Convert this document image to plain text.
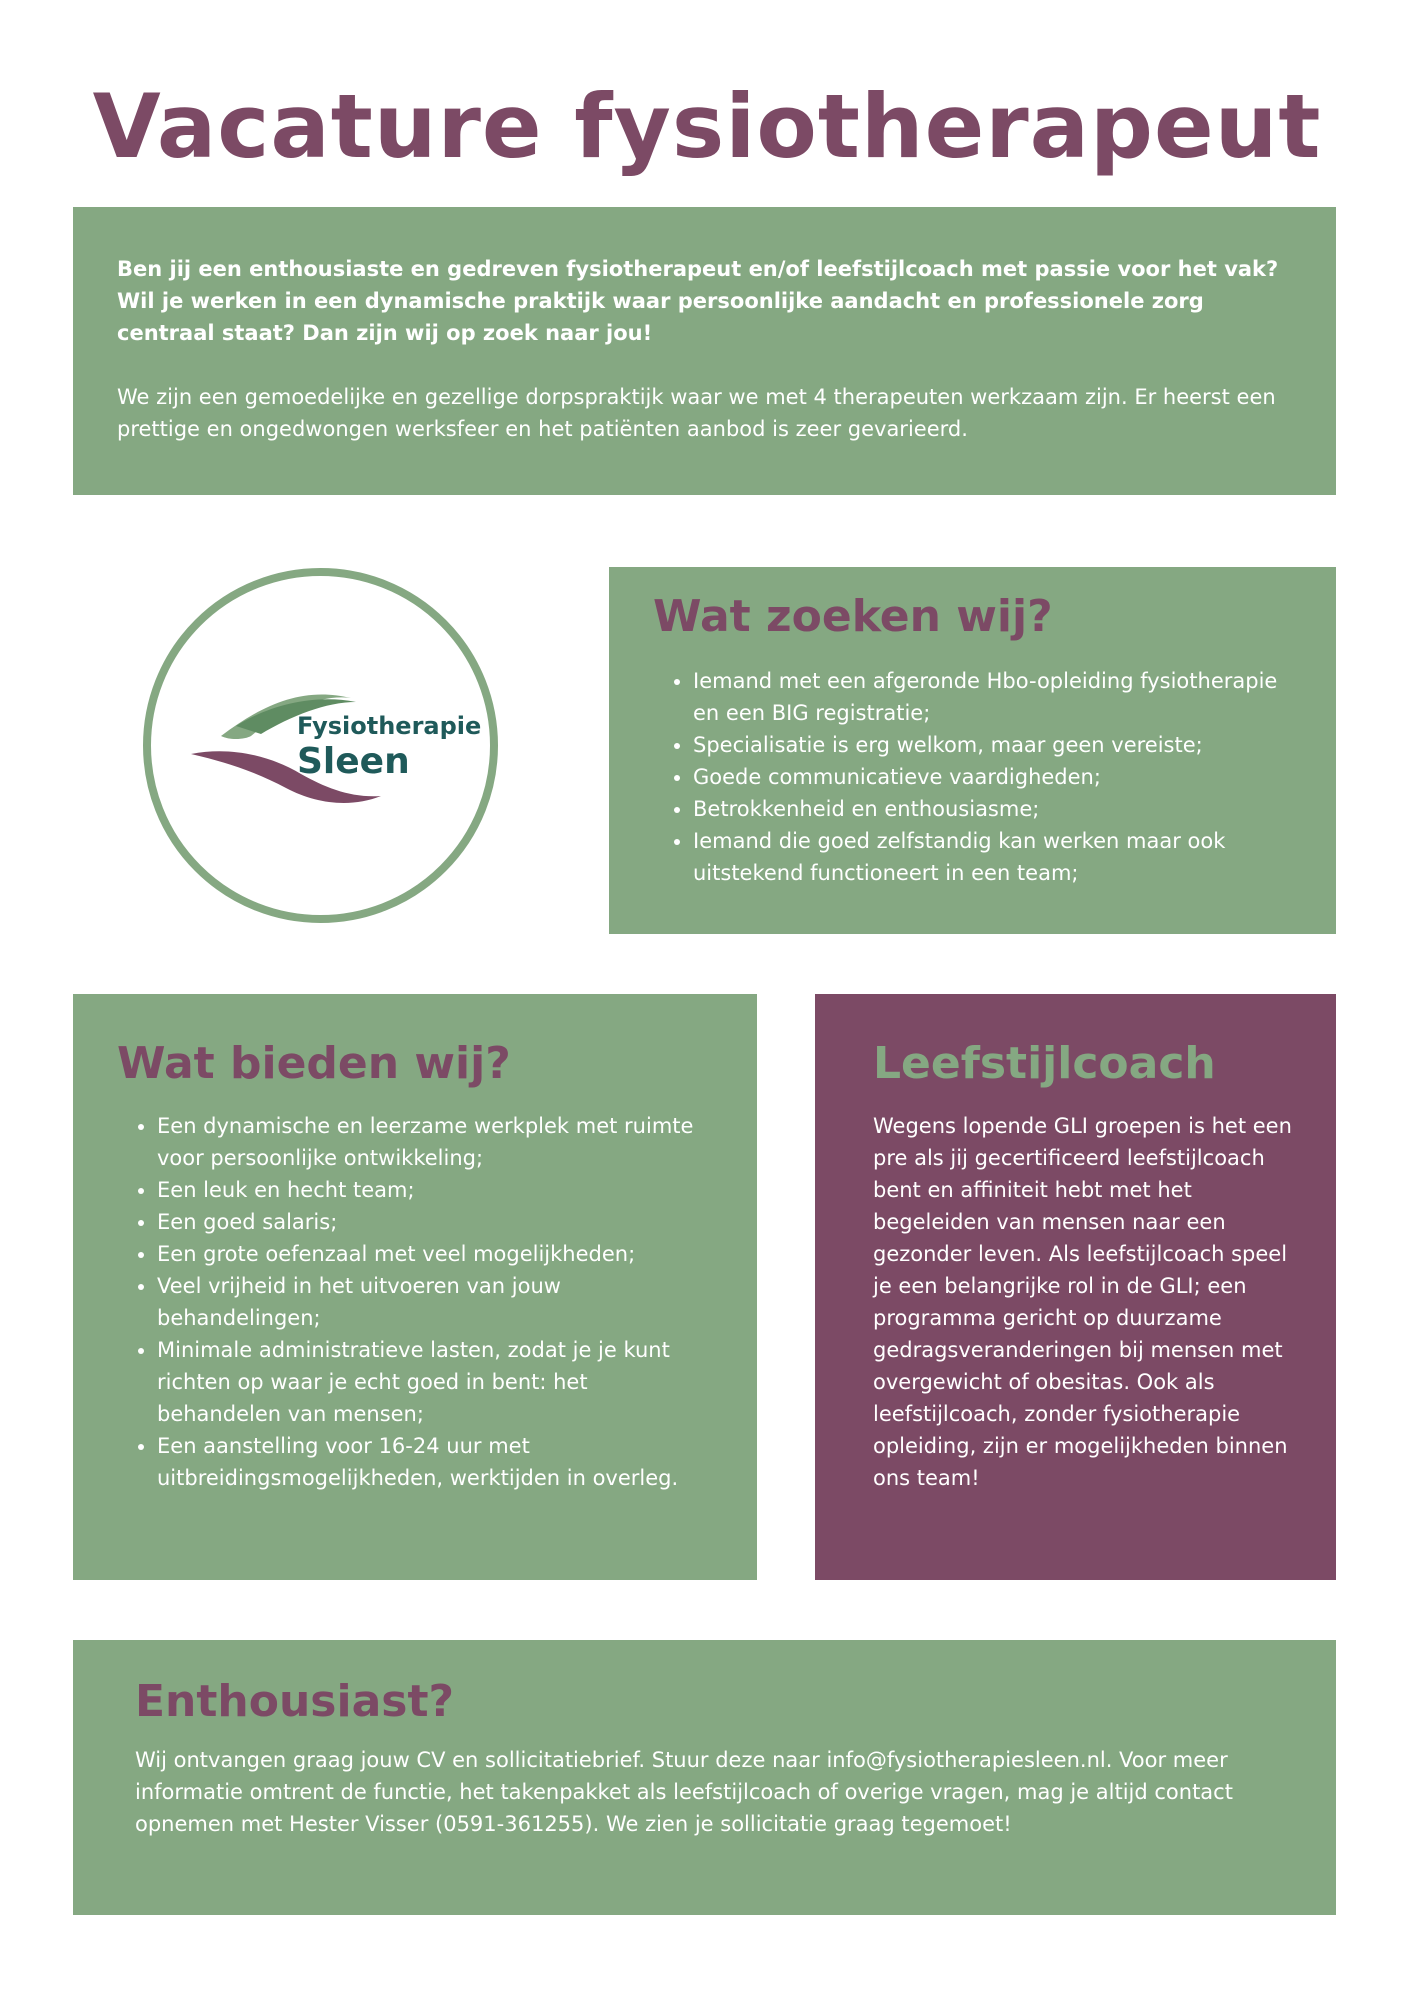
Vacature fysiotherapeut

Ben jij een enthousiaste en gedreven fysiotherapeut en/of leefstijlcoach met passie voor het vak? Wil je werken in een dynamische praktijk waar persoonlijke aandacht en professionele zorg centraal staat? Dan zijn wij op zoek naar jou!

We zijn een gemoedelijke en gezellige dorpspraktijk waar we met 4 therapeuten werkzaam zijn. Er heerst een prettige en ongedwongen werksfeer en het patiënten aanbod is zeer gevarieerd.

Fysiotherapie
Sleen
Wat zoeken wij?
• Iemand met een afgeronde Hbo-opleiding fysiotherapie en een BIG registratie;
• Specialisatie is erg welkom, maar geen vereiste;
• Goede communicatieve vaardigheden;
• Betrokkenheid en enthousiasme;
• Iemand die goed zelfstandig kan werken maar ook uitstekend functioneert in een team;
Wat bieden wij?
• Een dynamische en leerzame werkplek met ruimte voor persoonlijke ontwikkeling;
• Een leuk en hecht team;
• Een goed salaris;
• Een grote oefenzaal met veel mogelijkheden;
• Veel vrijheid in het uitvoeren van jouw behandelingen;
• Minimale administratieve lasten, zodat je je kunt richten op waar je echt goed in bent: het behandelen van mensen;
• Een aanstelling voor 16-24 uur met uitbreidingsmogelijkheden, werktijden in overleg.
Leefstijlcoach

Wegens lopende GLI groepen is het een pre als jij gecertificeerd leefstijlcoach bent en affiniteit hebt met het begeleiden van mensen naar een gezonder leven. Als leefstijlcoach speel je een belangrijke rol in de GLI; een programma gericht op duurzame gedragsveranderingen bij mensen met overgewicht of obesitas. Ook als leefstijlcoach, zonder fysiotherapie opleiding, zijn er mogelijkheden binnen ons team!

Enthousiast?

Wij ontvangen graag jouw CV en sollicitatiebrief. Stuur deze naar info@fysiotherapiesleen.nl. Voor meer informatie omtrent de functie, het takenpakket als leefstijlcoach of overige vragen, mag je altijd contact opnemen met Hester Visser (0591-361255). We zien je sollicitatie graag tegemoet!
